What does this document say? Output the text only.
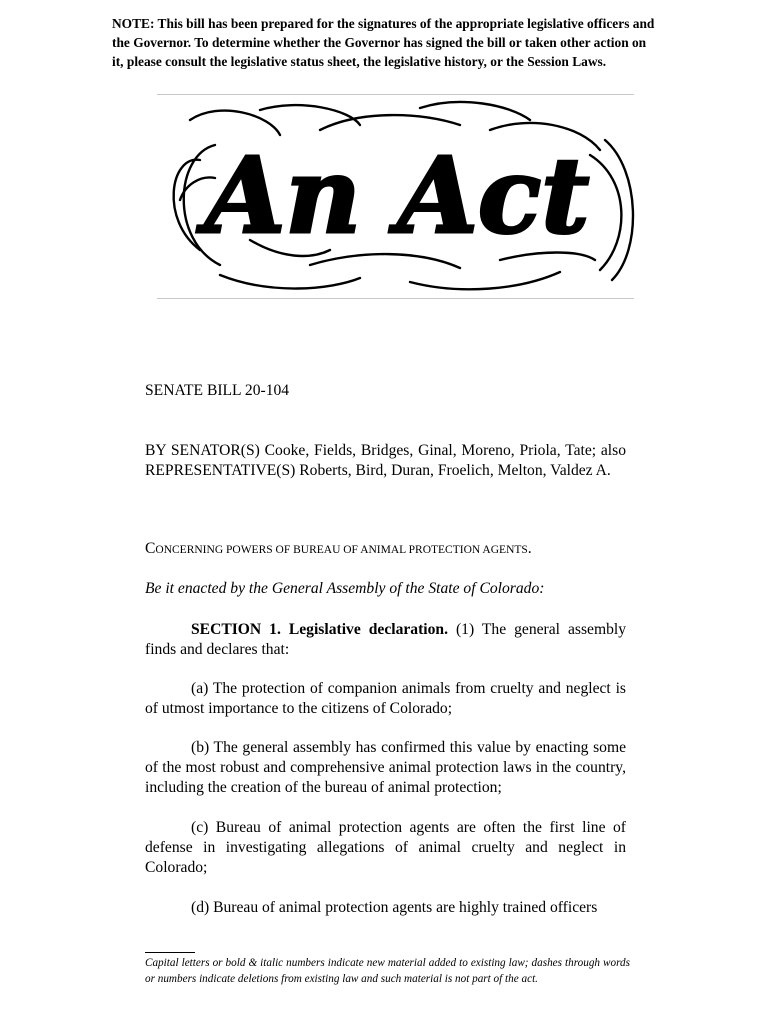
NOTE: This bill has been prepared for the signatures of the appropriate legislative officers and the Governor. To determine whether the Governor has signed the bill or taken other action on it, please consult the legislative status sheet, the legislative history, or the Session Laws.
An Act
SENATE BILL 20-104
BY SENATOR(S) Cooke, Fields, Bridges, Ginal, Moreno, Priola, Tate; also REPRESENTATIVE(S) Roberts, Bird, Duran, Froelich, Melton, Valdez A.
CONCERNING POWERS OF BUREAU OF ANIMAL PROTECTION AGENTS.
Be it enacted by the General Assembly of the State of Colorado:
SECTION 1. Legislative declaration. (1) The general assembly finds and declares that:
(a) The protection of companion animals from cruelty and neglect is of utmost importance to the citizens of Colorado;
(b) The general assembly has confirmed this value by enacting some of the most robust and comprehensive animal protection laws in the country, including the creation of the bureau of animal protection;
(c) Bureau of animal protection agents are often the first line of defense in investigating allegations of animal cruelty and neglect in Colorado;
(d) Bureau of animal protection agents are highly trained officers
Capital letters or bold & italic numbers indicate new material added to existing law; dashes through words or numbers indicate deletions from existing law and such material is not part of the act.
